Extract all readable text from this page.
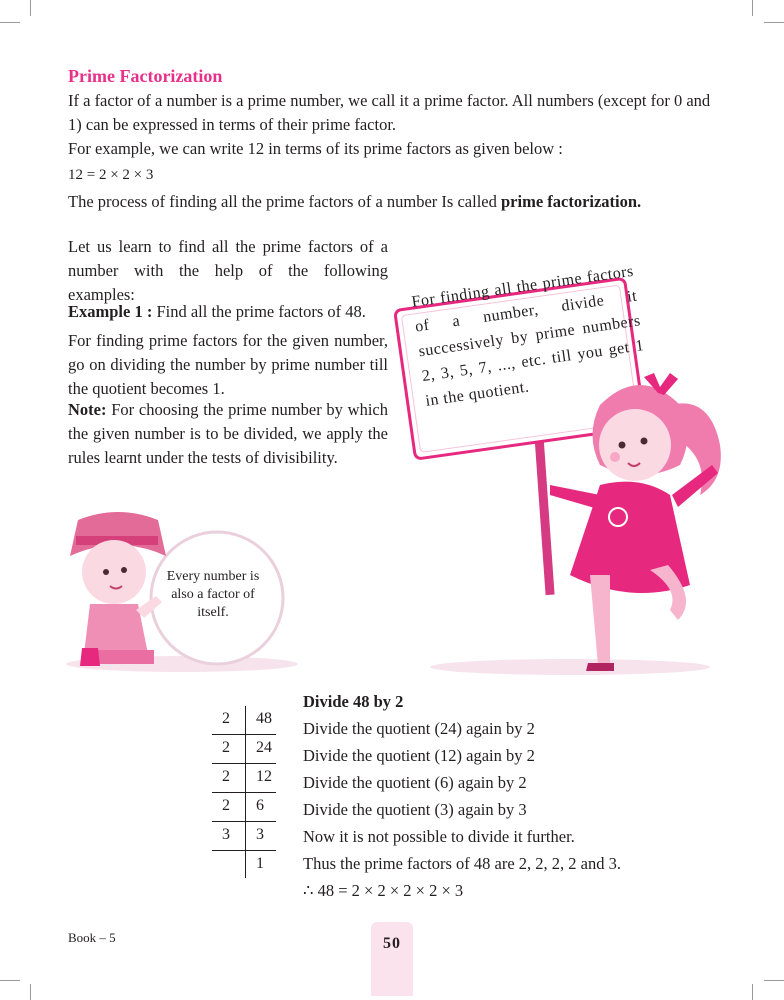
Prime Factorization

If a factor of a number is a prime number, we call it a prime factor. All numbers (except for 0 and 1) can be expressed in terms of their prime factor.

For example, we can write 12 in terms of its prime factors as given below :

12 = 2 × 2 × 3

The process of finding all the prime factors of a number Is called prime factorization.

Let us learn to find all the prime factors of a number with the help of the following examples:

Example 1 : Find all the prime factors of 48.

For finding prime factors for the given number, go on dividing the number by prime number till the quotient becomes 1.

Note: For choosing the prime number by which the given number is to be divided, we apply the rules learnt under the tests of divisibility.

For finding all the prime factors of a number, divide it successively by prime numbers 2, 3, 5, 7, ..., etc. till you get 1 in the quotient.
Every number is also a factor of itself.
2 48
2 24
2 12
2 6
3 3
1
Divide 48 by 2
Divide the quotient (24) again by 2
Divide the quotient (12) again by 2
Divide the quotient (6) again by 2
Divide the quotient (3) again by 3
Now it is not possible to divide it further.
Thus the prime factors of 48 are 2, 2, 2, 2 and 3.
∴ 48 = 2 × 2 × 2 × 2 × 3
Book – 5	50
